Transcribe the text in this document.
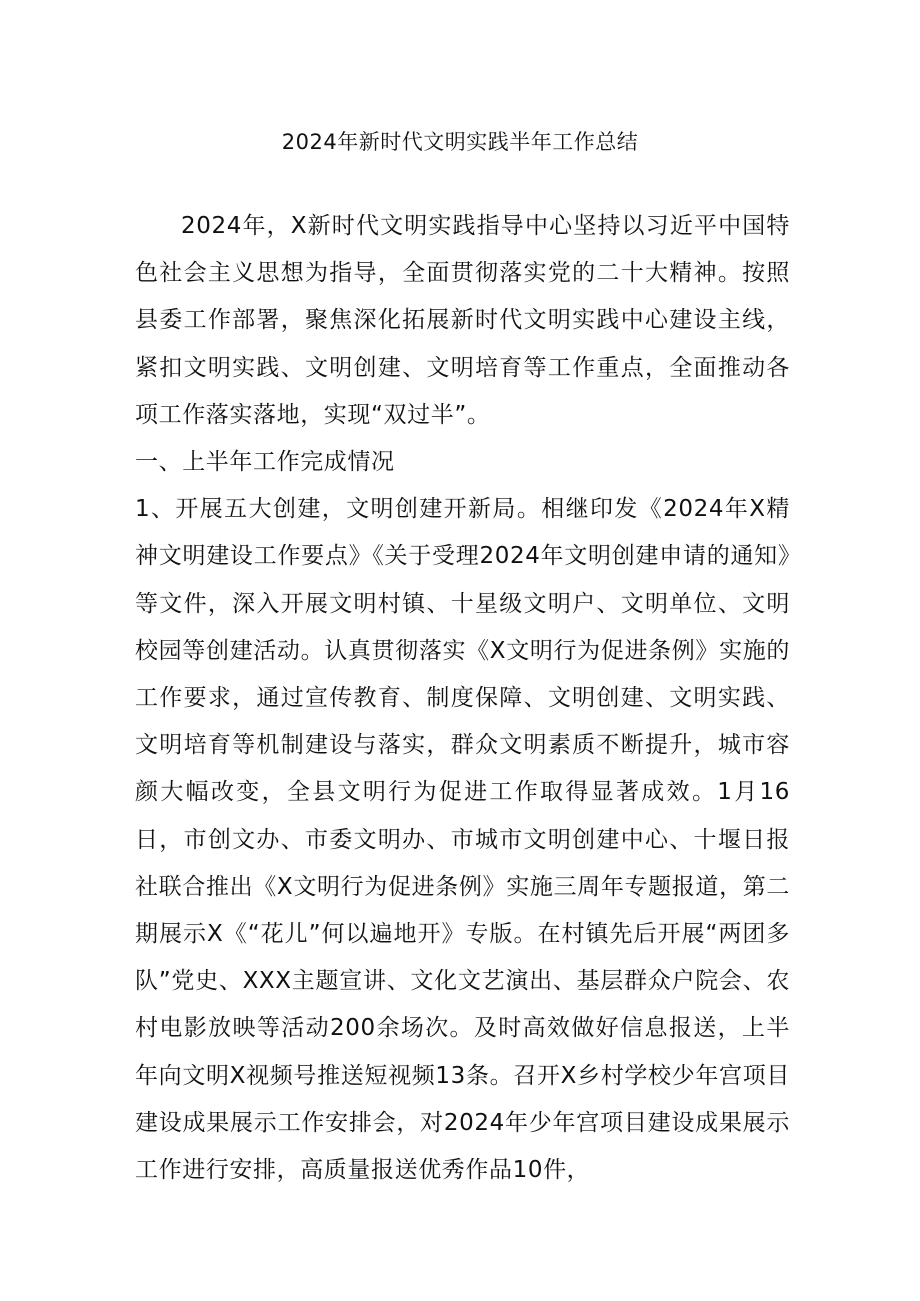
2024年新时代文明实践半年工作总结

2024年，X新时代文明实践指导中心坚持以习近平中国特色社会主义思想为指导，全面贯彻落实党的二十大精神。按照县委工作部署，聚焦深化拓展新时代文明实践中心建设主线，紧扣文明实践、文明创建、文明培育等工作重点，全面推动各项工作落实落地，实现“双过半”。

一、上半年工作完成情况

1、开展五大创建，文明创建开新局。相继印发《2024年X精神文明建设工作要点》《关于受理2024年文明创建申请的通知》等文件，深入开展文明村镇、十星级文明户、文明单位、文明校园等创建活动。认真贯彻落实《X文明行为促进条例》实施的工作要求，通过宣传教育、制度保障、文明创建、文明实践、文明培育等机制建设与落实，群众文明素质不断提升，城市容颜大幅改变，全县文明行为促进工作取得显著成效。1月16日，市创文办、市委文明办、市城市文明创建中心、十堰日报社联合推出《X文明行为促进条例》实施三周年专题报道，第二期展示X《“花儿”何以遍地开》专版。在村镇先后开展“两团多队”党史、XXX主题宣讲、文化文艺演出、基层群众户院会、农村电影放映等活动200余场次。及时高效做好信息报送，上半年向文明X视频号推送短视频13条。召开X乡村学校少年宫项目建设成果展示工作安排会，对2024年少年宫项目建设成果展示工作进行安排，高质量报送优秀作品10件，
